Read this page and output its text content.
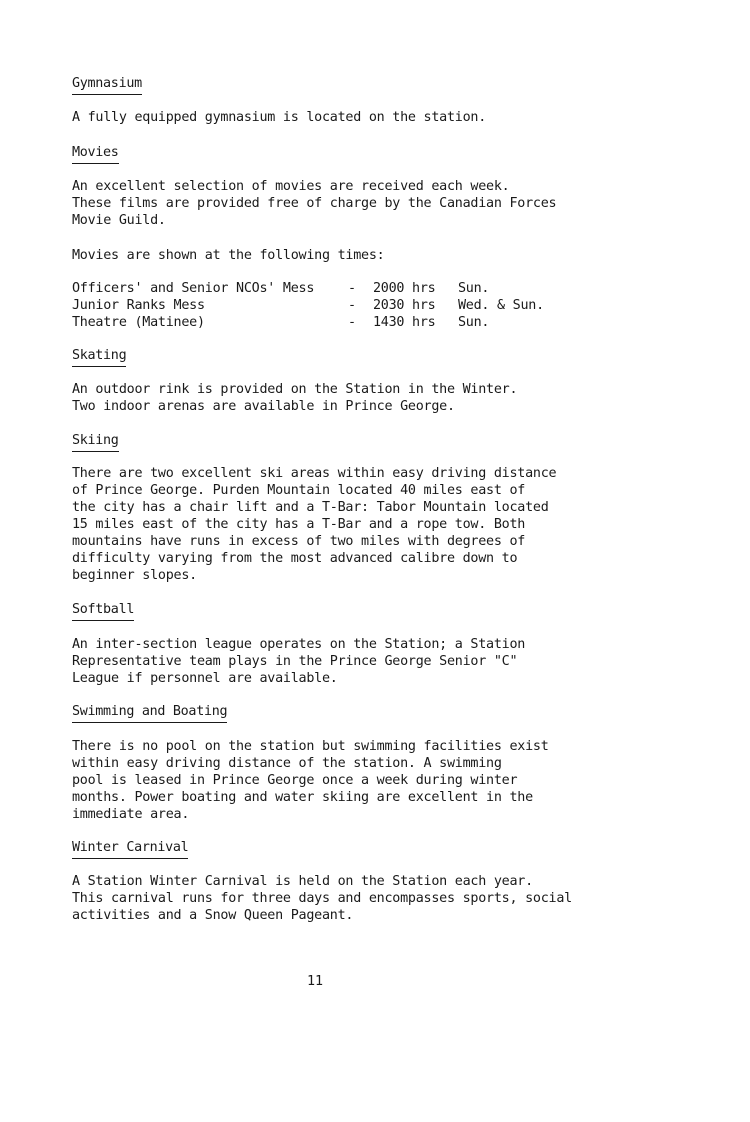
Gymnasium
A fully equipped gymnasium is located on the station.
Movies
An excellent selection of movies are received each week.
These films are provided free of charge by the Canadian Forces
Movie Guild.
Movies are shown at the following times:
Officers' and Senior NCOs' Mess	- 2000 hrs Sun.
Junior Ranks Mess	- 2030 hrs Wed. & Sun.
Theatre (Matinee)	- 1430 hrs Sun.
Skating
An outdoor rink is provided on the Station in the Winter.
Two indoor arenas are available in Prince George.
Skiing
There are two excellent ski areas within easy driving distance
of Prince George. Purden Mountain located 40 miles east of
the city has a chair lift and a T-Bar: Tabor Mountain located
15 miles east of the city has a T-Bar and a rope tow. Both
mountains have runs in excess of two miles with degrees of
difficulty varying from the most advanced calibre down to
beginner slopes.
Softball
An inter-section league operates on the Station; a Station
Representative team plays in the Prince George Senior "C"
League if personnel are available.
Swimming and Boating
There is no pool on the station but swimming facilities exist
within easy driving distance of the station. A swimming
pool is leased in Prince George once a week during winter
months. Power boating and water skiing are excellent in the
immediate area.
Winter Carnival
A Station Winter Carnival is held on the Station each year.
This carnival runs for three days and encompasses sports, social
activities and a Snow Queen Pageant.
11
